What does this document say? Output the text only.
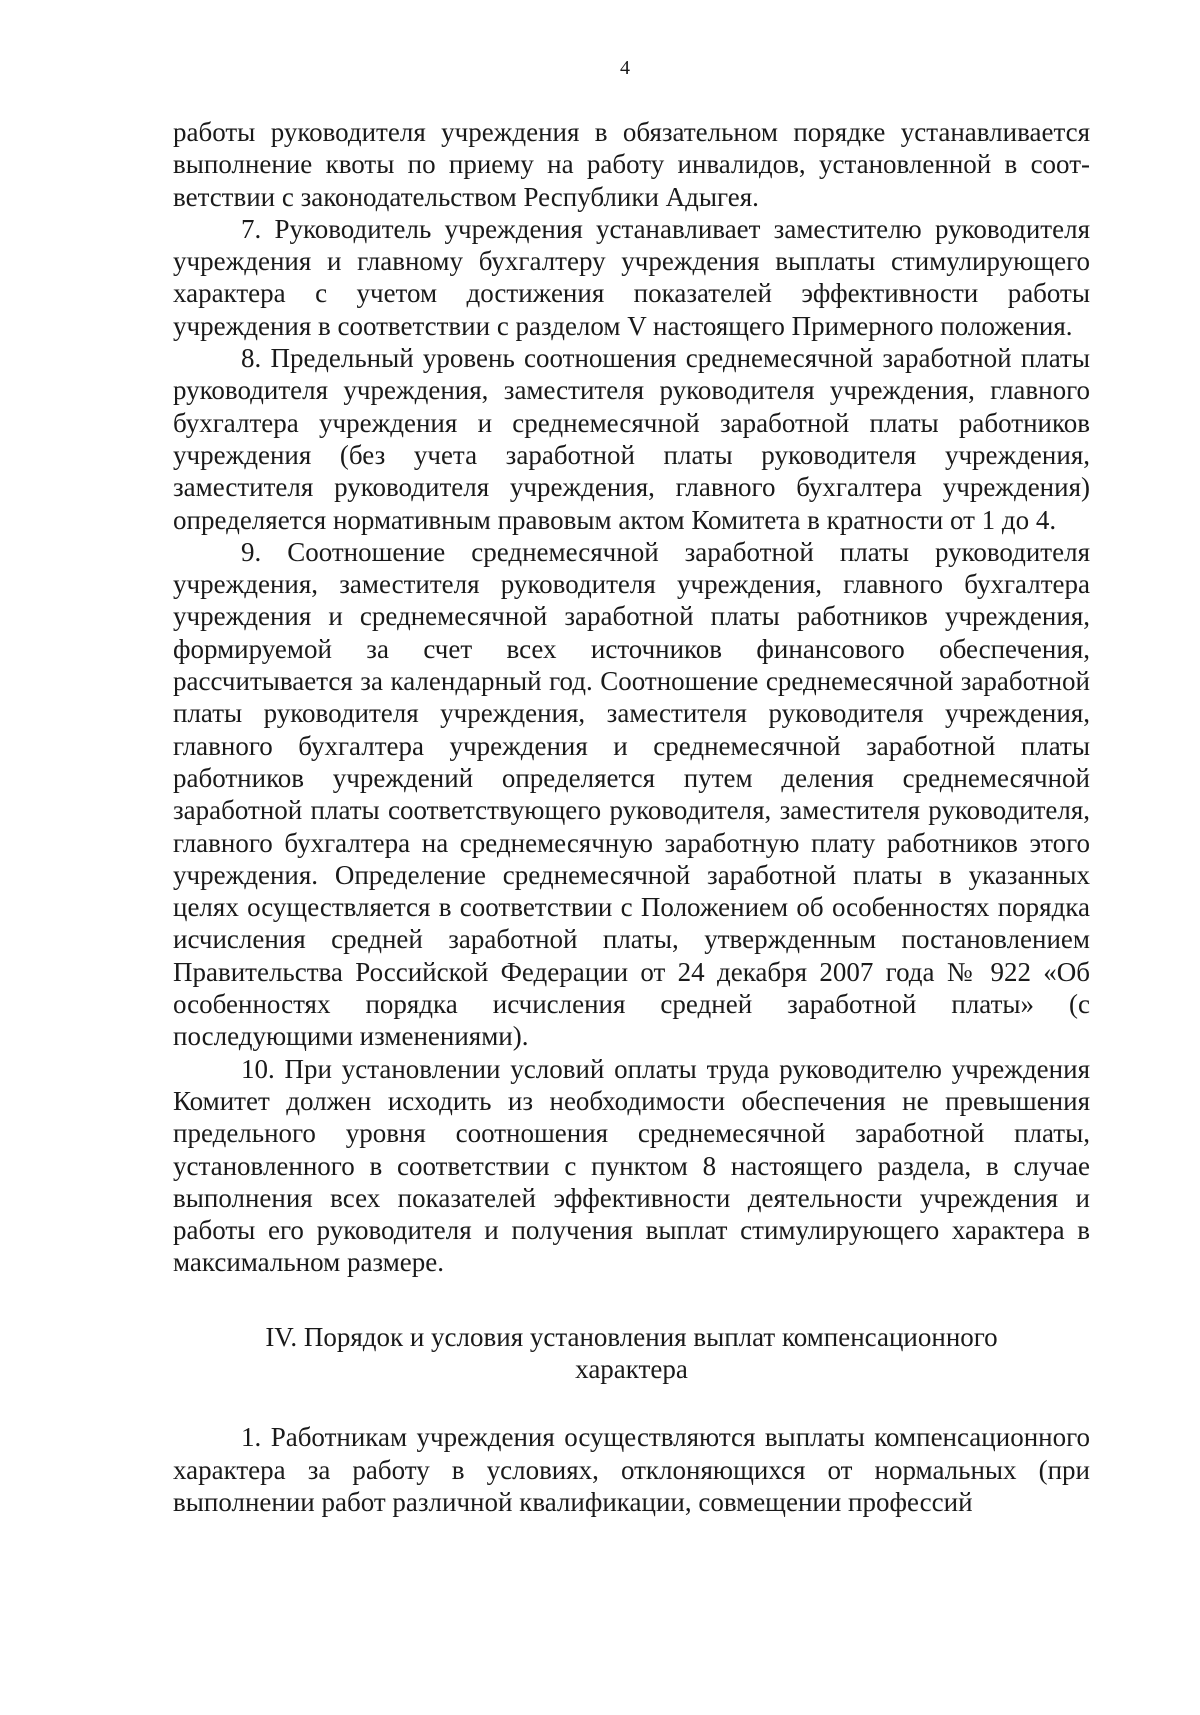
4

работы руководителя учреждения в обязательном порядке устанавливается выполнение квоты по приему на работу инвалидов, установленной в соответствии с законодательством Республики Адыгея.

7. Руководитель учреждения устанавливает заместителю руководителя учреждения и главному бухгалтеру учреждения выплаты стимулирующего характера с учетом достижения показателей эффективности работы учреждения в соответствии с разделом V настоящего Примерного положения.

8. Предельный уровень соотношения среднемесячной заработной платы руководителя учреждения, заместителя руководителя учреждения, главного бухгалтера учреждения и среднемесячной заработной платы работников учреждения (без учета заработной платы руководителя учреждения, заместителя руководителя учреждения, главного бухгалтера учреждения) определяется нормативным правовым актом Комитета в кратности от 1 до 4.

9. Соотношение среднемесячной заработной платы руководителя учреждения, заместителя руководителя учреждения, главного бухгалтера учреждения и среднемесячной заработной платы работников учреждения, формируемой за счет всех источников финансового обеспечения, рассчитывается за календарный год. Соотношение среднемесячной заработной платы руководителя учреждения, заместителя руководителя учреждения, главного бухгалтера учреждения и среднемесячной заработной платы работников учреждений определяется путем деления среднемесячной заработной платы соответствующего руководителя, заместителя руководителя, главного бухгалтера на среднемесячную заработную плату работников этого учреждения. Определение среднемесячной заработной платы в указанных целях осуществляется в соответствии с Положением об особенностях порядка исчисления средней заработной платы, утвержденным постановлением Правительства Российской Федерации от 24 декабря 2007 года № 922 «Об особенностях порядка исчисления средней заработной платы» (с последующими изменениями).

10. При установлении условий оплаты труда руководителю учреждения Комитет должен исходить из необходимости обеспечения не превышения предельного уровня соотношения среднемесячной заработной платы, установленного в соответствии с пунктом 8 настоящего раздела, в случае выполнения всех показателей эффективности деятельности учреждения и работы его руководителя и получения выплат стимулирующего характера в максимальном размере.

IV. Порядок и условия установления выплат компенсационного характера

1. Работникам учреждения осуществляются выплаты компенсационного характера за работу в условиях, отклоняющихся от нормальных (при выполнении работ различной квалификации, совмещении профессий
